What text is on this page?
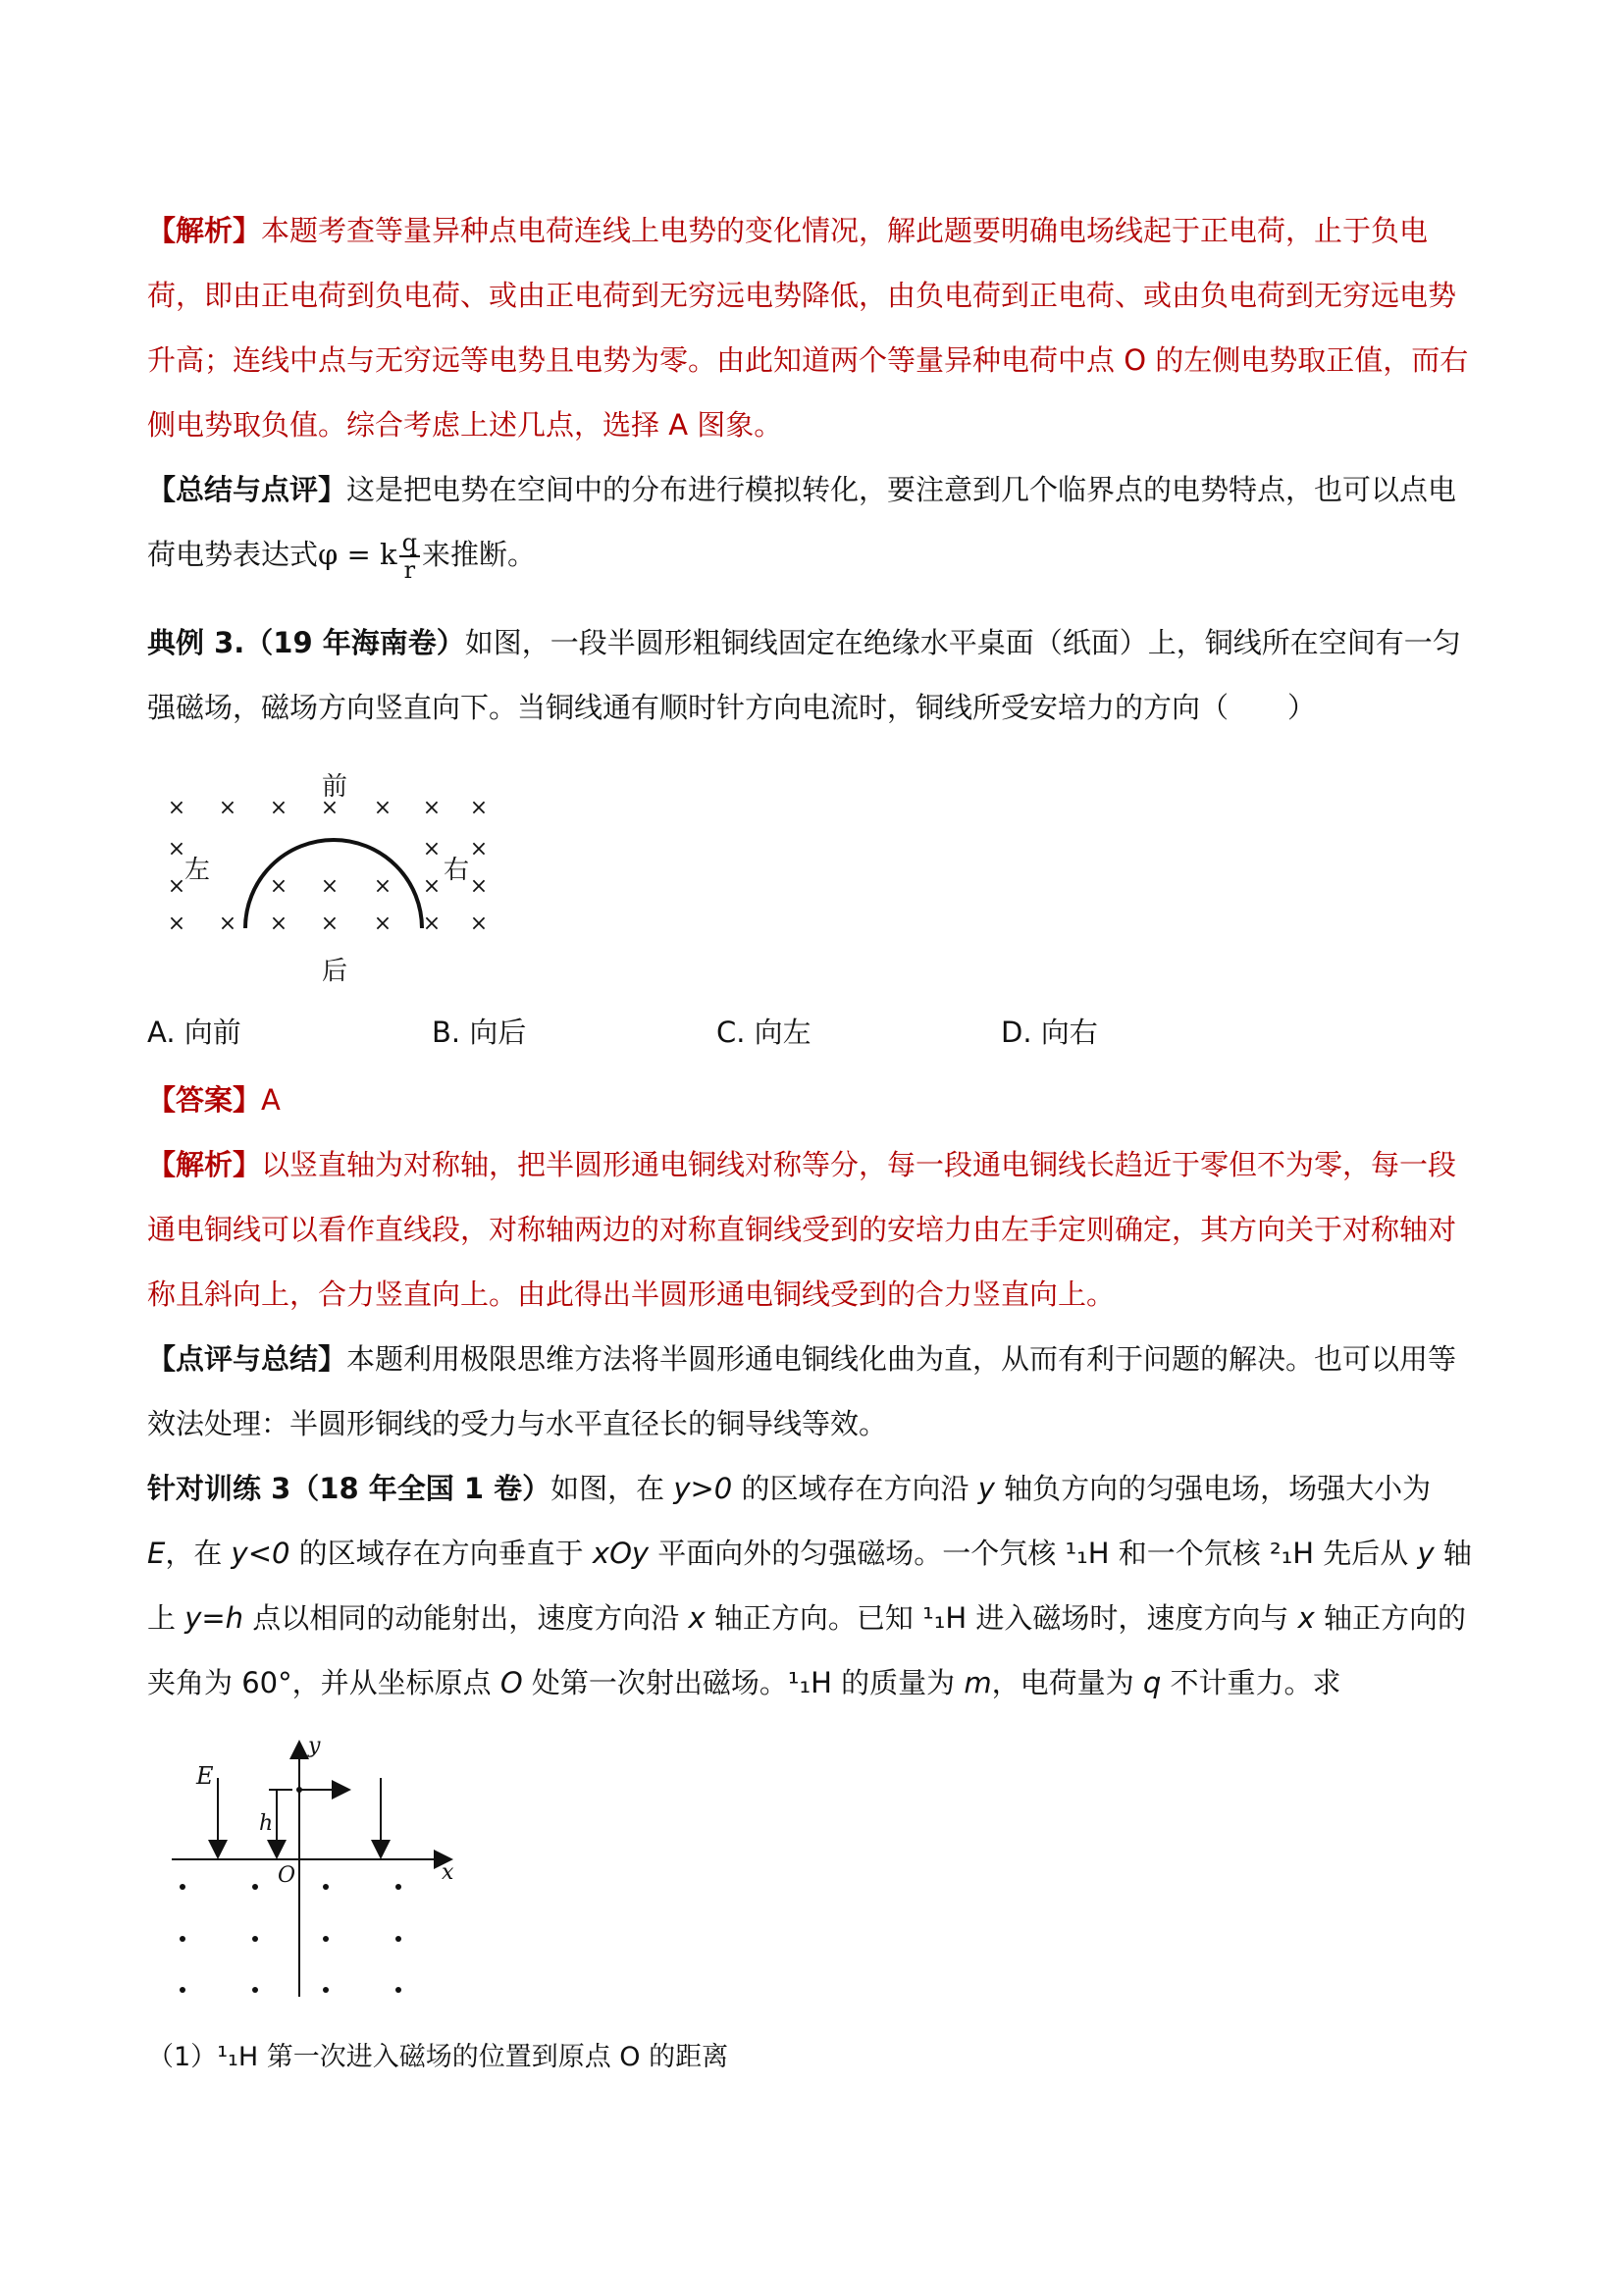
【解析】本题考查等量异种点电荷连线上电势的变化情况，解此题要明确电场线起于正电荷，止于负电荷，即由正电荷到负电荷、或由正电荷到无穷远电势降低，由负电荷到正电荷、或由负电荷到无穷远电势升高；连线中点与无穷远等电势且电势为零。由此知道两个等量异种电荷中点 O 的左侧电势取正值，而右侧电势取负值。综合考虑上述几点，选择 A 图象。
【总结与点评】这是把电势在空间中的分布进行模拟转化，要注意到几个临界点的电势特点，也可以点电荷电势表达式φ = k $\frac{q}{r}$ 来推断。
典例 3.（19 年海南卷）如图，一段半圆形粗铜线固定在绝缘水平桌面（纸面）上，铜线所在空间有一匀强磁场，磁场方向竖直向下。当铜线通有顺时针方向电流时，铜线所受安培力的方向（ ）
× × × × × × ×
×	× ×
×	× × × × ×
× × × × × × ×
前
后
左	右
A. 向前	B. 向后	C. 向左	D. 向右
【答案】A
【解析】以竖直轴为对称轴，把半圆形通电铜线对称等分，每一段通电铜线长趋近于零但不为零，每一段通电铜线可以看作直线段，对称轴两边的对称直铜线受到的安培力由左手定则确定，其方向关于对称轴对称且斜向上，合力竖直向上。由此得出半圆形通电铜线受到的合力竖直向上。
【点评与总结】本题利用极限思维方法将半圆形通电铜线化曲为直，从而有利于问题的解决。也可以用等效法处理：半圆形铜线的受力与水平直径长的铜导线等效。
针对训练 3（18 年全国 1 卷）如图，在 y>0 的区域存在方向沿 y 轴负方向的匀强电场，场强大小为 E，在 y<0 的区域存在方向垂直于 xOy 平面向外的匀强磁场。一个氕核 ¹₁H 和一个氘核 ²₁H 先后从 y 轴上 y=h 点以相同的动能射出，速度方向沿 x 轴正方向。已知 ¹₁H 进入磁场时，速度方向与 x 轴正方向的夹角为 60°，并从坐标原点 O 处第一次射出磁场。¹₁H 的质量为 m，电荷量为 q 不计重力。求
E
y
h
O	x
（1）¹₁H 第一次进入磁场的位置到原点 O 的距离
